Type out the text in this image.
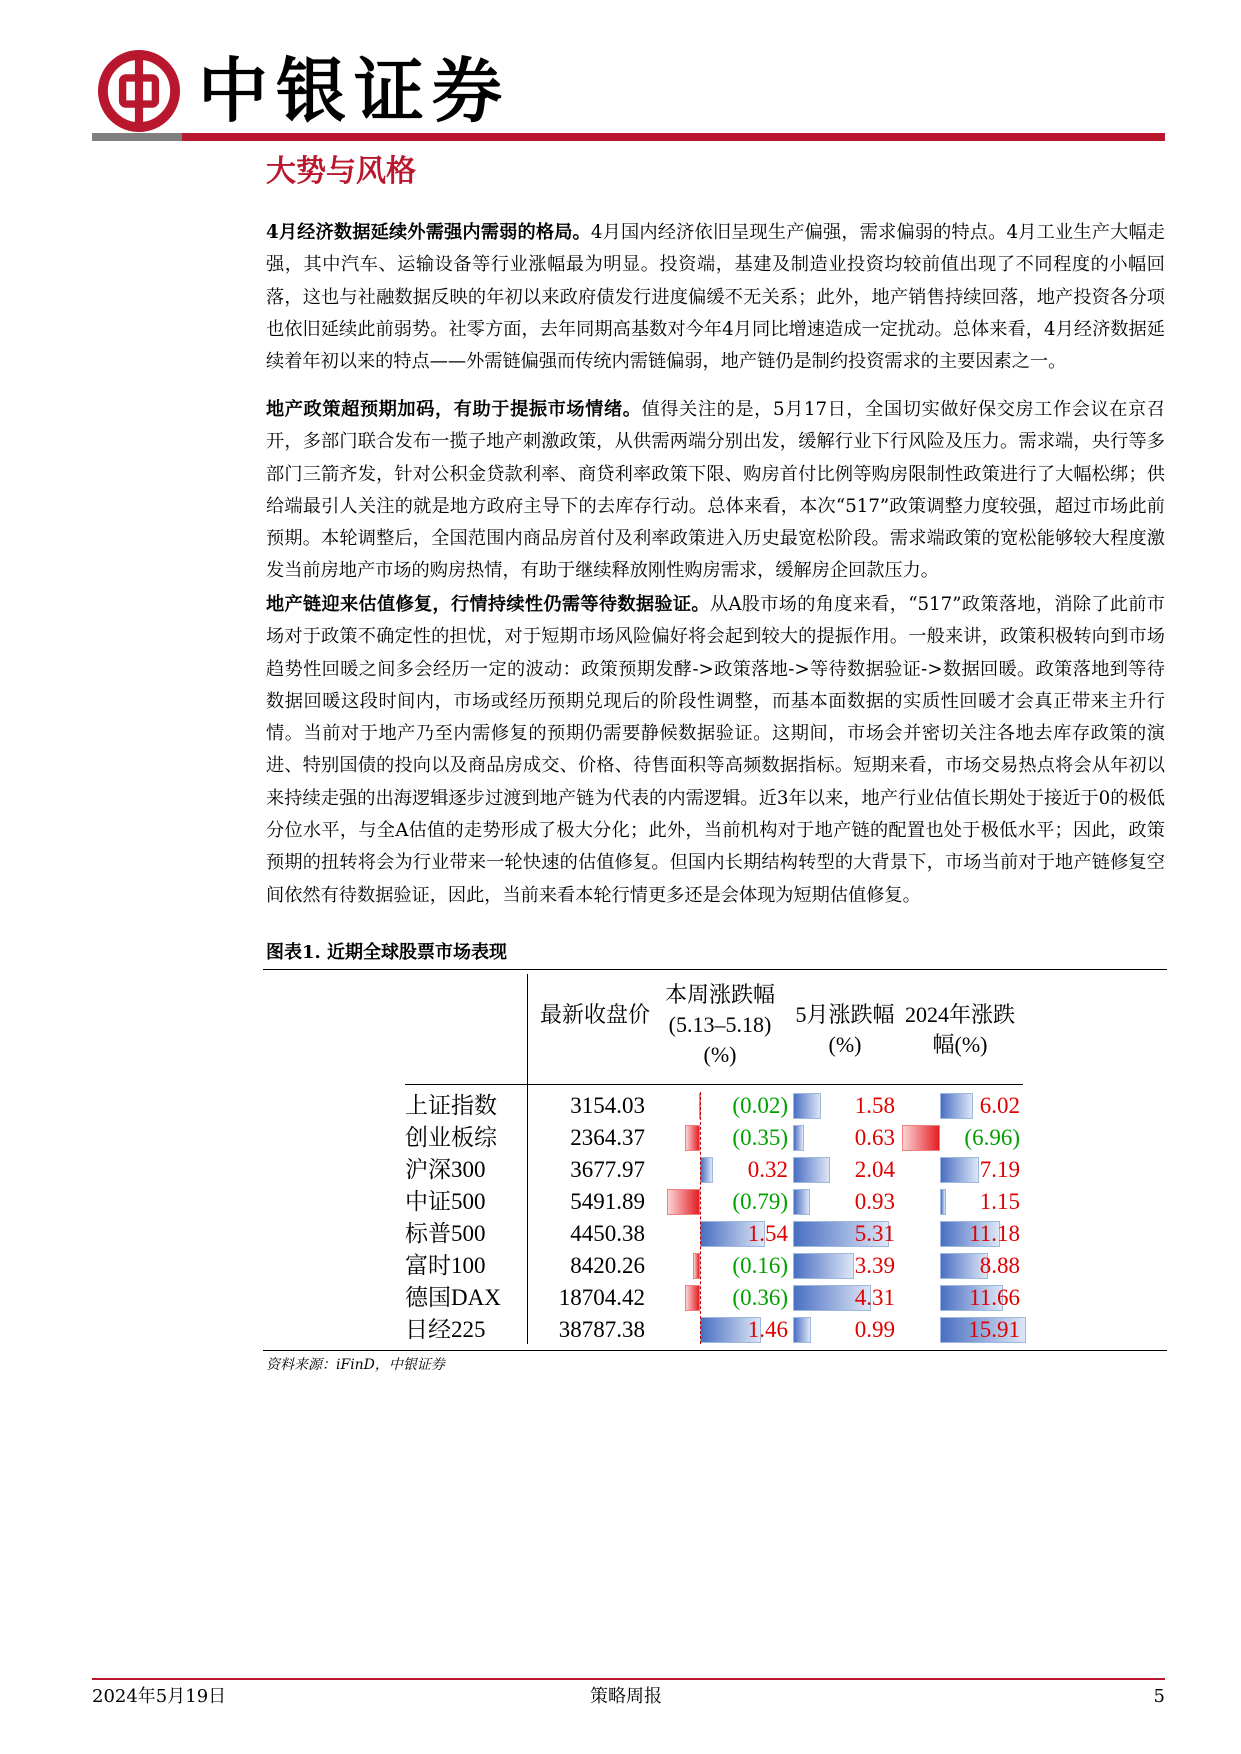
中银证券
大势与风格
4月经济数据延续外需强内需弱的格局。4月国内经济依旧呈现生产偏强，需求偏弱的特点。4月工业生产大幅走强，其中汽车、运输设备等行业涨幅最为明显。投资端，基建及制造业投资均较前值出现了不同程度的小幅回落，这也与社融数据反映的年初以来政府债发行进度偏缓不无关系；此外，地产销售持续回落，地产投资各分项也依旧延续此前弱势。社零方面，去年同期高基数对今年4月同比增速造成一定扰动。总体来看，4月经济数据延续着年初以来的特点——外需链偏强而传统内需链偏弱，地产链仍是制约投资需求的主要因素之一。
地产政策超预期加码，有助于提振市场情绪。值得关注的是，5月17日，全国切实做好保交房工作会议在京召开，多部门联合发布一揽子地产刺激政策，从供需两端分别出发，缓解行业下行风险及压力。需求端，央行等多部门三箭齐发，针对公积金贷款利率、商贷利率政策下限、购房首付比例等购房限制性政策进行了大幅松绑；供给端最引人关注的就是地方政府主导下的去库存行动。总体来看，本次“517”政策调整力度较强，超过市场此前预期。本轮调整后，全国范围内商品房首付及利率政策进入历史最宽松阶段。需求端政策的宽松能够较大程度激发当前房地产市场的购房热情，有助于继续释放刚性购房需求，缓解房企回款压力。
地产链迎来估值修复，行情持续性仍需等待数据验证。从A股市场的角度来看，“517”政策落地，消除了此前市场对于政策不确定性的担忧，对于短期市场风险偏好将会起到较大的提振作用。一般来讲，政策积极转向到市场趋势性回暖之间多会经历一定的波动：政策预期发酵->政策落地->等待数据验证->数据回暖。政策落地到等待数据回暖这段时间内，市场或经历预期兑现后的阶段性调整，而基本面数据的实质性回暖才会真正带来主升行情。当前对于地产乃至内需修复的预期仍需要静候数据验证。这期间，市场会并密切关注各地去库存政策的演进、特别国债的投向以及商品房成交、价格、待售面积等高频数据指标。短期来看，市场交易热点将会从年初以来持续走强的出海逻辑逐步过渡到地产链为代表的内需逻辑。近3年以来，地产行业估值长期处于接近于0的极低分位水平，与全A估值的走势形成了极大分化；此外，当前机构对于地产链的配置也处于极低水平；因此，政策预期的扭转将会为行业带来一轮快速的估值修复。但国内长期结构转型的大背景下，市场当前对于地产链修复空间依然有待数据验证，因此，当前来看本轮行情更多还是会体现为短期估值修复。
图表1. 近期全球股票市场表现
最新收盘价
本周涨跌幅(5.13–5.18)(%)
5月涨跌幅(%)
2024年涨跌幅(%)
上证指数	3154.03	(0.02)	1.58	6.02
创业板综	2364.37	(0.35)	0.63	(6.96)
沪深300	3677.97	0.32	2.04	7.19
中证500	5491.89	(0.79)	0.93	1.15
标普500	4450.38	1.54	5.31	11.18
富时100	8420.26	(0.16)	3.39	8.88
德国DAX	18704.42	(0.36)	4.31	11.66
日经225	38787.38	1.46	0.99	15.91
资料来源：iFinD，中银证券
2024年5月19日	策略周报	5
